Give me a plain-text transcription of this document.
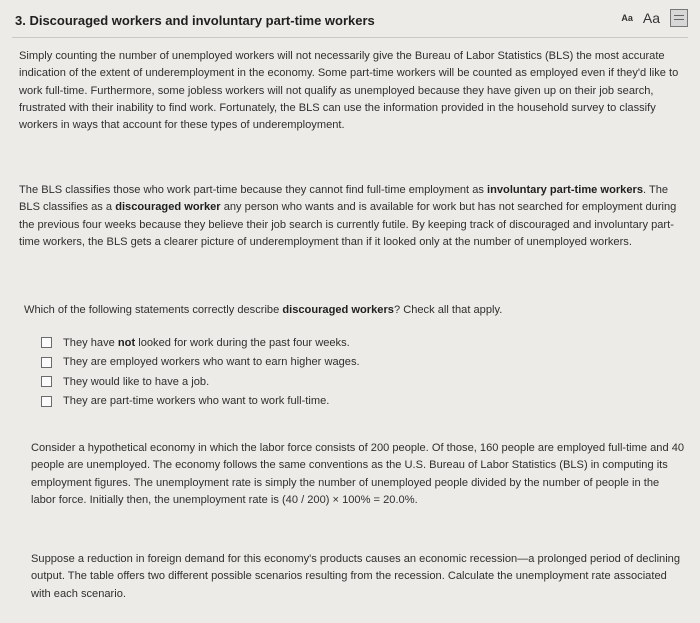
3. Discouraged workers and involuntary part-time workers	Aa Aa

Simply counting the number of unemployed workers will not necessarily give the Bureau of Labor Statistics (BLS) the most accurate indication of the extent of underemployment in the economy. Some part-time workers will be counted as employed even if they'd like to work full-time. Furthermore, some jobless workers will not qualify as unemployed because they have given up on their job search, frustrated with their inability to find work. Fortunately, the BLS can use the information provided in the household survey to classify workers in ways that account for these types of underemployment.

The BLS classifies those who work part-time because they cannot find full-time employment as involuntary part-time workers. The BLS classifies as a discouraged worker any person who wants and is available for work but has not searched for employment during the previous four weeks because they believe their job search is currently futile. By keeping track of discouraged and involuntary part-time workers, the BLS gets a clearer picture of underemployment than if it looked only at the number of unemployed workers.

Which of the following statements correctly describe discouraged workers? Check all that apply.

They have not looked for work during the past four weeks.
They are employed workers who want to earn higher wages.
They would like to have a job.
They are part-time workers who want to work full-time.

Consider a hypothetical economy in which the labor force consists of 200 people. Of those, 160 people are employed full-time and 40 people are unemployed. The economy follows the same conventions as the U.S. Bureau of Labor Statistics (BLS) in computing its employment figures. The unemployment rate is simply the number of unemployed people divided by the number of people in the labor force. Initially then, the unemployment rate is (40 / 200) × 100% = 20.0%.

Suppose a reduction in foreign demand for this economy's products causes an economic recession—a prolonged period of declining output. The table offers two different possible scenarios resulting from the recession. Calculate the unemployment rate associated with each scenario.
